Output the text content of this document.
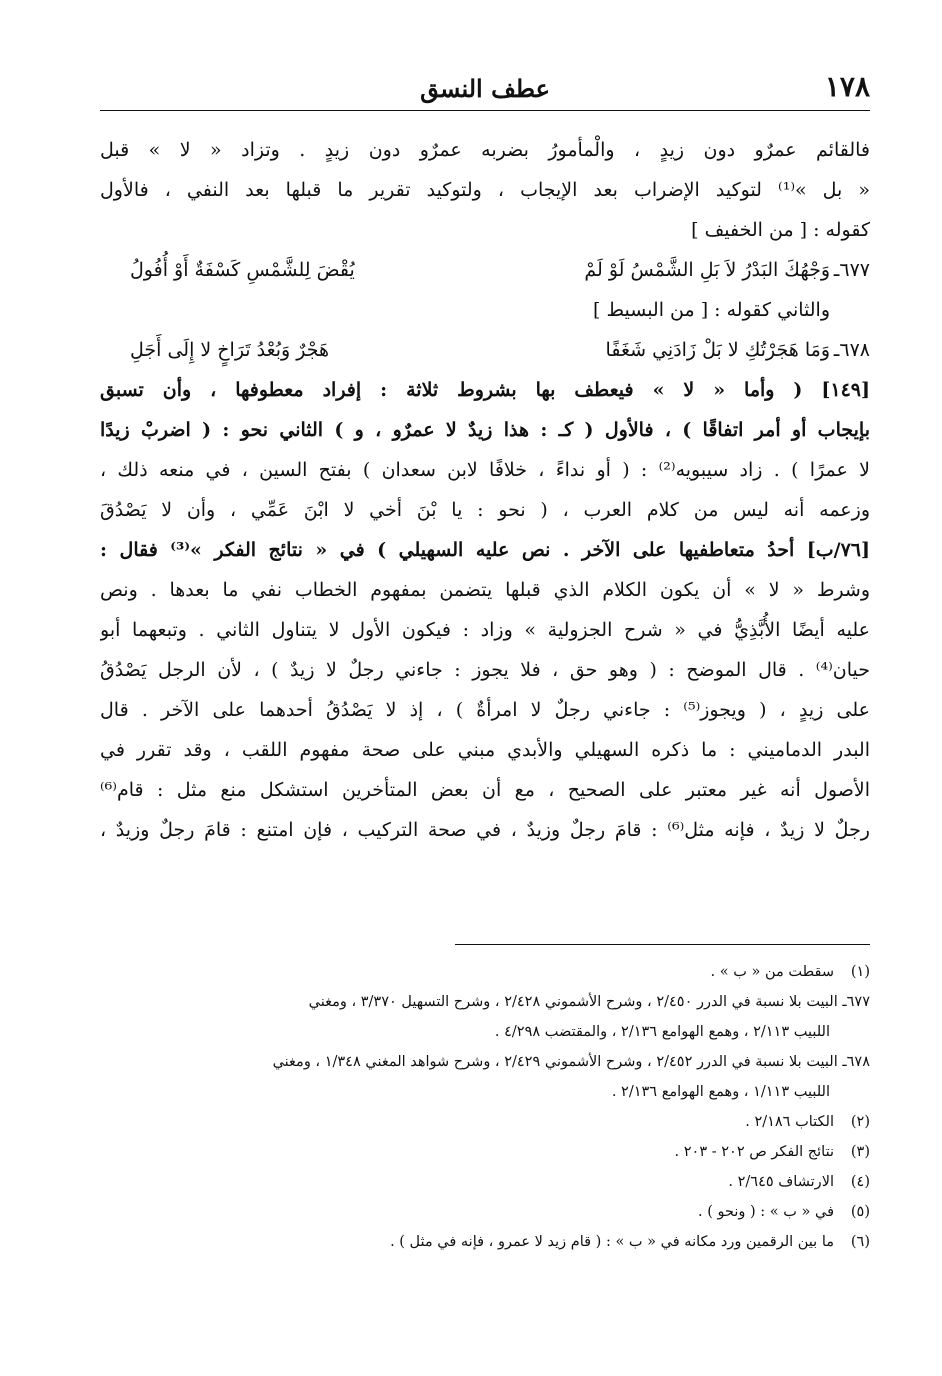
١٧٨
عطف النسق
فالقائم عمرٌو دون زيدٍ ، والْمأمورُ بضربه عمرٌو دون زيدٍ . وتزاد « لا » قبل
« بل »⁽¹⁾ لتوكيد الإضراب بعد الإيجاب ، ولتوكيد تقرير ما قبلها بعد النفي ، فالأول
كقوله : [ من الخفيف ]
٦٧٧ـ
وَجْهُكَ البَدْرُ لاَ بَلِ الشَّمْسُ لَوْ لَمْ
يُقْضَ لِلشَّمْسِ كَسْفَةٌ أَوْ أُفُولُ
والثاني كقوله : [ من البسيط ]
٦٧٨ـ
وَمَا هَجَرْتُكِ لا بَلْ زَادَنِي شَغَفًا
هَجْرٌ وَبُعْدُ تَرَاخٍ لا إِلَى أَجَلِ
[١٤٩] ( وأما « لا » فيعطف بها بشروط ثلاثة : إفراد معطوفها ، وأن تسبق
بإيجاب أو أمر اتفاقًا ) ، فالأول ( كـ : هذا زيدٌ لا عمرٌو ، و ) الثاني نحو : ( اضربْ زيدًا
لا عمرًا ) . زاد سيبويه⁽²⁾ : ( أو نداءً ، خلافًا لابن سعدان ) بفتح السين ، في منعه ذلك ،
وزعمه أنه ليس من كلام العرب ، ( نحو : يا بْنَ أخي لا ابْنَ عَمِّي ، وأن لا يَصْدُقَ
[٧٦/ب] أحدُ متعاطفيها على الآخر . نص عليه السهيلي ) في « نتائج الفكر »⁽³⁾ فقال :
وشرط « لا » أن يكون الكلام الذي قبلها يتضمن بمفهوم الخطاب نفي ما بعدها . ونص
عليه أيضًا الأُبَّذِيُّ في « شرح الجزولية » وزاد : فيكون الأول لا يتناول الثاني . وتبعهما أبو
حيان⁽⁴⁾ . قال الموضح : ( وهو حق ، فلا يجوز : جاءني رجلٌ لا زيدٌ ) ، لأن الرجل يَصْدُقُ
على زيدٍ ، ( ويجوز⁽⁵⁾ : جاءني رجلٌ لا امرأةٌ ) ، إذ لا يَصْدُقُ أحدهما على الآخر . قال
البدر الدماميني : ما ذكره السهيلي والأبدي مبني على صحة مفهوم اللقب ، وقد تقرر في
الأصول أنه غير معتبر على الصحيح ، مع أن بعض المتأخرين استشكل منع مثل : قام⁽⁶⁾
رجلٌ لا زيدٌ ، فإنه مثل⁽⁶⁾ : قامَ رجلٌ وزيدٌ ، في صحة التركيب ، فإن امتنع : قامَ رجلٌ وزيدٌ ،
(١)سقطت من « ب » .
٦٧٧ـ البيت بلا نسبة في الدرر ٢/٤٥٠ ، وشرح الأشموني ٢/٤٢٨ ، وشرح التسهيل ٣/٣٧٠ ، ومغني
اللبيب ٢/١١٣ ، وهمع الهوامع ٢/١٣٦ ، والمقتضب ٤/٢٩٨ .
٦٧٨ـ البيت بلا نسبة في الدرر ٢/٤٥٢ ، وشرح الأشموني ٢/٤٢٩ ، وشرح شواهد المغني ١/٣٤٨ ، ومغني
اللبيب ١/١١٣ ، وهمع الهوامع ٢/١٣٦ .
(٢)الكتاب ٢/١٨٦ .
(٣)نتائج الفكر ص ٢٠٢ - ٢٠٣ .
(٤)الارتشاف ٢/٦٤٥ .
(٥)في « ب » : ( ونحو ) .
(٦)ما بين الرقمين ورد مكانه في « ب » : ( قام زيد لا عمرو ، فإنه في مثل ) .
